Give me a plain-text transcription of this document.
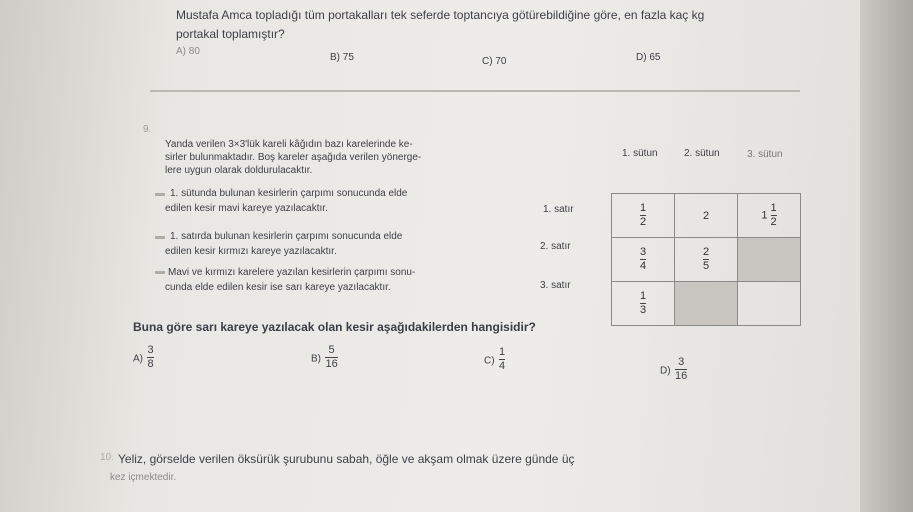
Mustafa Amca topladığı tüm portakalları tek seferde toptancıya götürebildiğine göre, en fazla kaç kg
portakal toplamıştır?
A) 80
B) 75	C) 70	D) 65
9.
Yanda verilen 3×3'lük kareli kâğıdın bazı karelerinde ke-
sirler bulunmaktadır. Boş kareler aşağıda verilen yönerge-
lere uygun olarak doldurulacaktır.
1. sütunda bulunan kesirlerin çarpımı sonucunda elde
edilen kesir mavi kareye yazılacaktır.
1. satırda bulunan kesirlerin çarpımı sonucunda elde
edilen kesir kırmızı kareye yazılacaktır.
Mavi ve kırmızı karelere yazılan kesirlerin çarpımı sonu-
cunda elde edilen kesir ise sarı kareye yazılacaktır.
Buna göre sarı kareye yazılacak olan kesir aşağıdakilerden hangisidir?
1. sütun	2. sütun	3. sütun
1. satır
2. satır
3. satır
$\frac{1}{2}$	2	$1 \frac{1}{2}$

$\frac{3}{4}$	$\frac{2}{5}$

$\frac{1}{3}$

$A) \frac{3}{8}$	$B) \frac{5}{16}$	$C) \frac{1}{4}$	$D) \frac{3}{16}$
10. Yeliz, görselde verilen öksürük şurubunu sabah, öğle ve akşam olmak üzere günde üç
kez içmektedir.
